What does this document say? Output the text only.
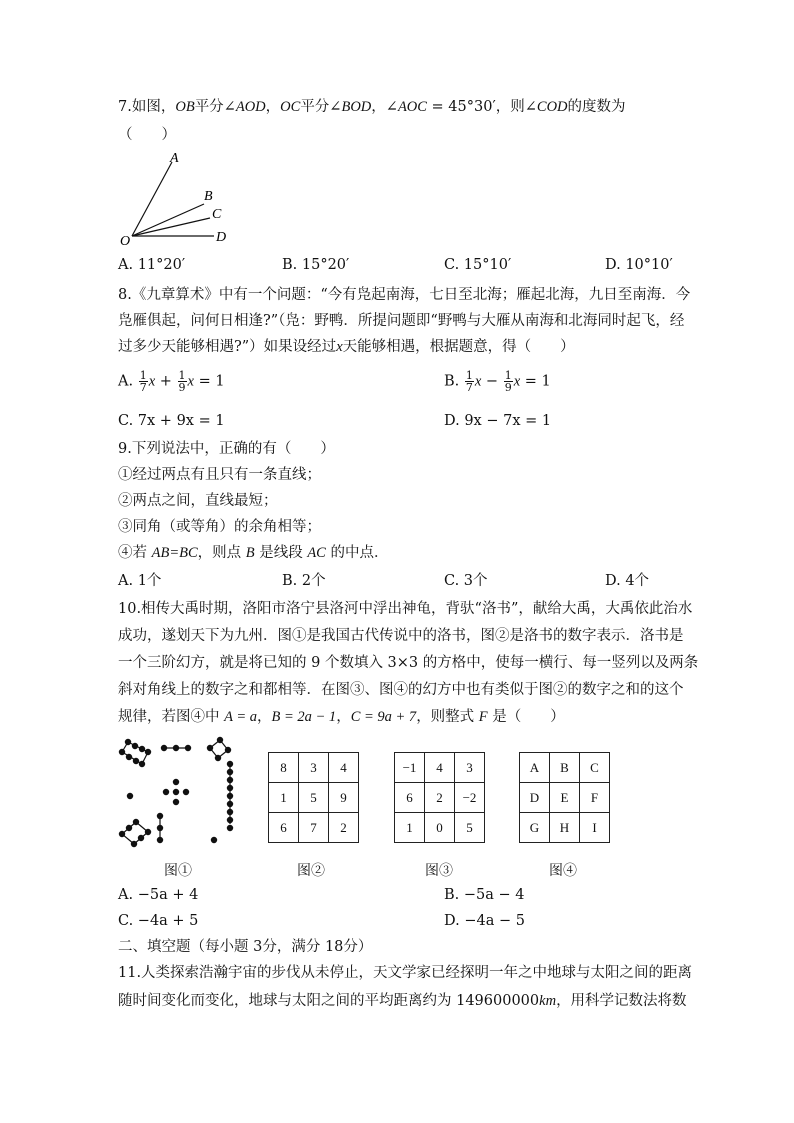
7.如图，OB平分∠AOD，OC平分∠BOD，∠AOC = 45°30′，则∠COD的度数为
（　　）
A
B
C
D
O
A. 11°20′	B. 15°20′	C. 15°10′	D. 10°10′
8.《九章算术》中有一个问题：“今有凫起南海，七日至北海；雁起北海，九日至南海．今
凫雁俱起，问何日相逢?”（凫：野鸭．所提问题即“野鸭与大雁从南海和北海同时起飞，经
过多少天能够相遇?”）如果设经过x天能够相遇，根据题意，得（　　）
A. $\frac{1}{7}$ $x + \frac{1}{9}$ x = 1	B. $\frac{1}{7}$ $x - \frac{1}{9}$ x = 1
C. 7x + 9x = 1	D. 9x − 7x = 1
9.下列说法中，正确的有（　　）
①经过两点有且只有一条直线；
②两点之间，直线最短；
③同角（或等角）的余角相等；
④若 AB=BC，则点 B 是线段 AC 的中点．
A. 1个	B. 2个	C. 3个	D. 4个
10.相传大禹时期，洛阳市洛宁县洛河中浮出神龟，背驮“洛书”，献给大禹，大禹依此治水
成功，遂划天下为九州．图①是我国古代传说中的洛书，图②是洛书的数字表示．洛书是
一个三阶幻方，就是将已知的 9 个数填入 3×3 的方格中，使每一横行、每一竖列以及两条
斜对角线上的数字之和都相等．在图③、图④的幻方中也有类似于图②的数字之和的这个
规律，若图④中 A = a，B = 2a − 1，C = 9a + 7，则整式 F 是（　　）
8	3	4
1	5	9
6	7	2
−1	4	3
6	2	−2
1	0	5
A	B	C
D	E	F
G	H	I
图①	图②	图③	图④
A. −5a + 4	B. −5a − 4
C. −4a + 5	D. −4a − 5
二、填空题（每小题 3分，满分 18分）
11.人类探索浩瀚宇宙的步伐从未停止，天文学家已经探明一年之中地球与太阳之间的距离
随时间变化而变化，地球与太阳之间的平均距离约为 149600000km，用科学记数法将数
